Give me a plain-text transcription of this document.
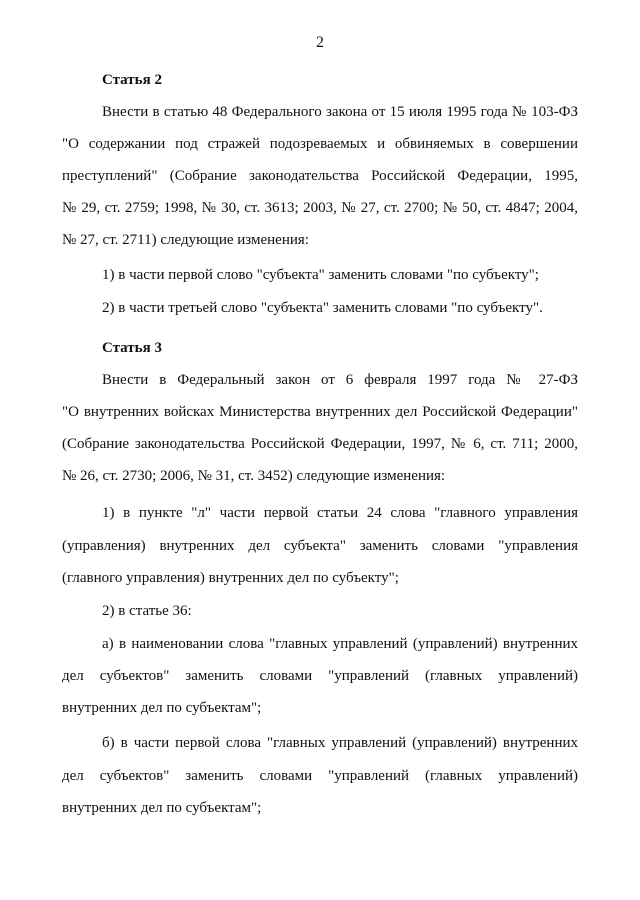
2
Статья 2
Внести в статью 48 Федерального закона от 15 июля 1995 года № 103-ФЗ
"О содержании под стражей подозреваемых и обвиняемых в совершении
преступлений" (Собрание законодательства Российской Федерации, 1995,
№ 29, ст. 2759; 1998, № 30, ст. 3613; 2003, № 27, ст. 2700; № 50, ст. 4847; 2004,
№ 27, ст. 2711) следующие изменения:
1) в части первой слово "субъекта" заменить словами "по субъекту";
2) в части третьей слово "субъекта" заменить словами "по субъекту".
Статья 3
Внести в Федеральный закон от 6 февраля 1997 года № 27-ФЗ
"О внутренних войсках Министерства внутренних дел Российской Федерации"
(Собрание законодательства Российской Федерации, 1997, № 6, ст. 711; 2000,
№ 26, ст. 2730; 2006, № 31, ст. 3452) следующие изменения:
1) в пункте "л" части первой статьи 24 слова "главного управления
(управления) внутренних дел субъекта" заменить словами "управления
(главного управления) внутренних дел по субъекту";
2) в статье 36:
а) в наименовании слова "главных управлений (управлений) внутренних
дел субъектов" заменить словами "управлений (главных управлений)
внутренних дел по субъектам";
б) в части первой слова "главных управлений (управлений) внутренних
дел субъектов" заменить словами "управлений (главных управлений)
внутренних дел по субъектам";
